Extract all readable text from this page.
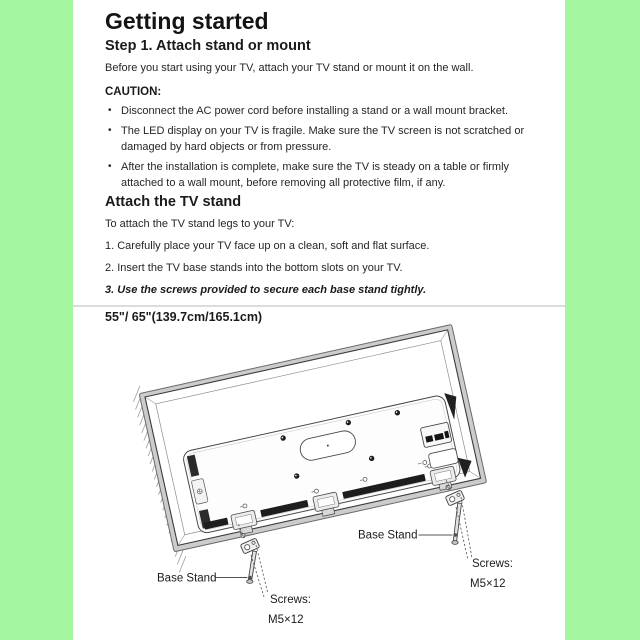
Getting started
Step 1. Attach stand or mount

Before you start using your TV, attach your TV stand or mount it on the wall.

CAUTION:

• Disconnect the AC power cord before installing a stand or a wall mount bracket.
• The LED display on your TV is fragile. Make sure the TV screen is not scratched or damaged by hard objects or from pressure.
• After the installation is complete, make sure the TV is steady on a table or firmly attached to a wall mount, before removing all protective film, if any.
Attach the TV stand

To attach the TV stand legs to your TV:

1. Carefully place your TV face up on a clean, soft and flat surface.

2. Insert the TV base stands into the bottom slots on your TV.

3. Use the screws provided to secure each base stand tightly.

55"/ 65"(139.7cm/165.1cm)

Base Stand
Base Stand
Screws:
M5×12
Screws:
M5×12
